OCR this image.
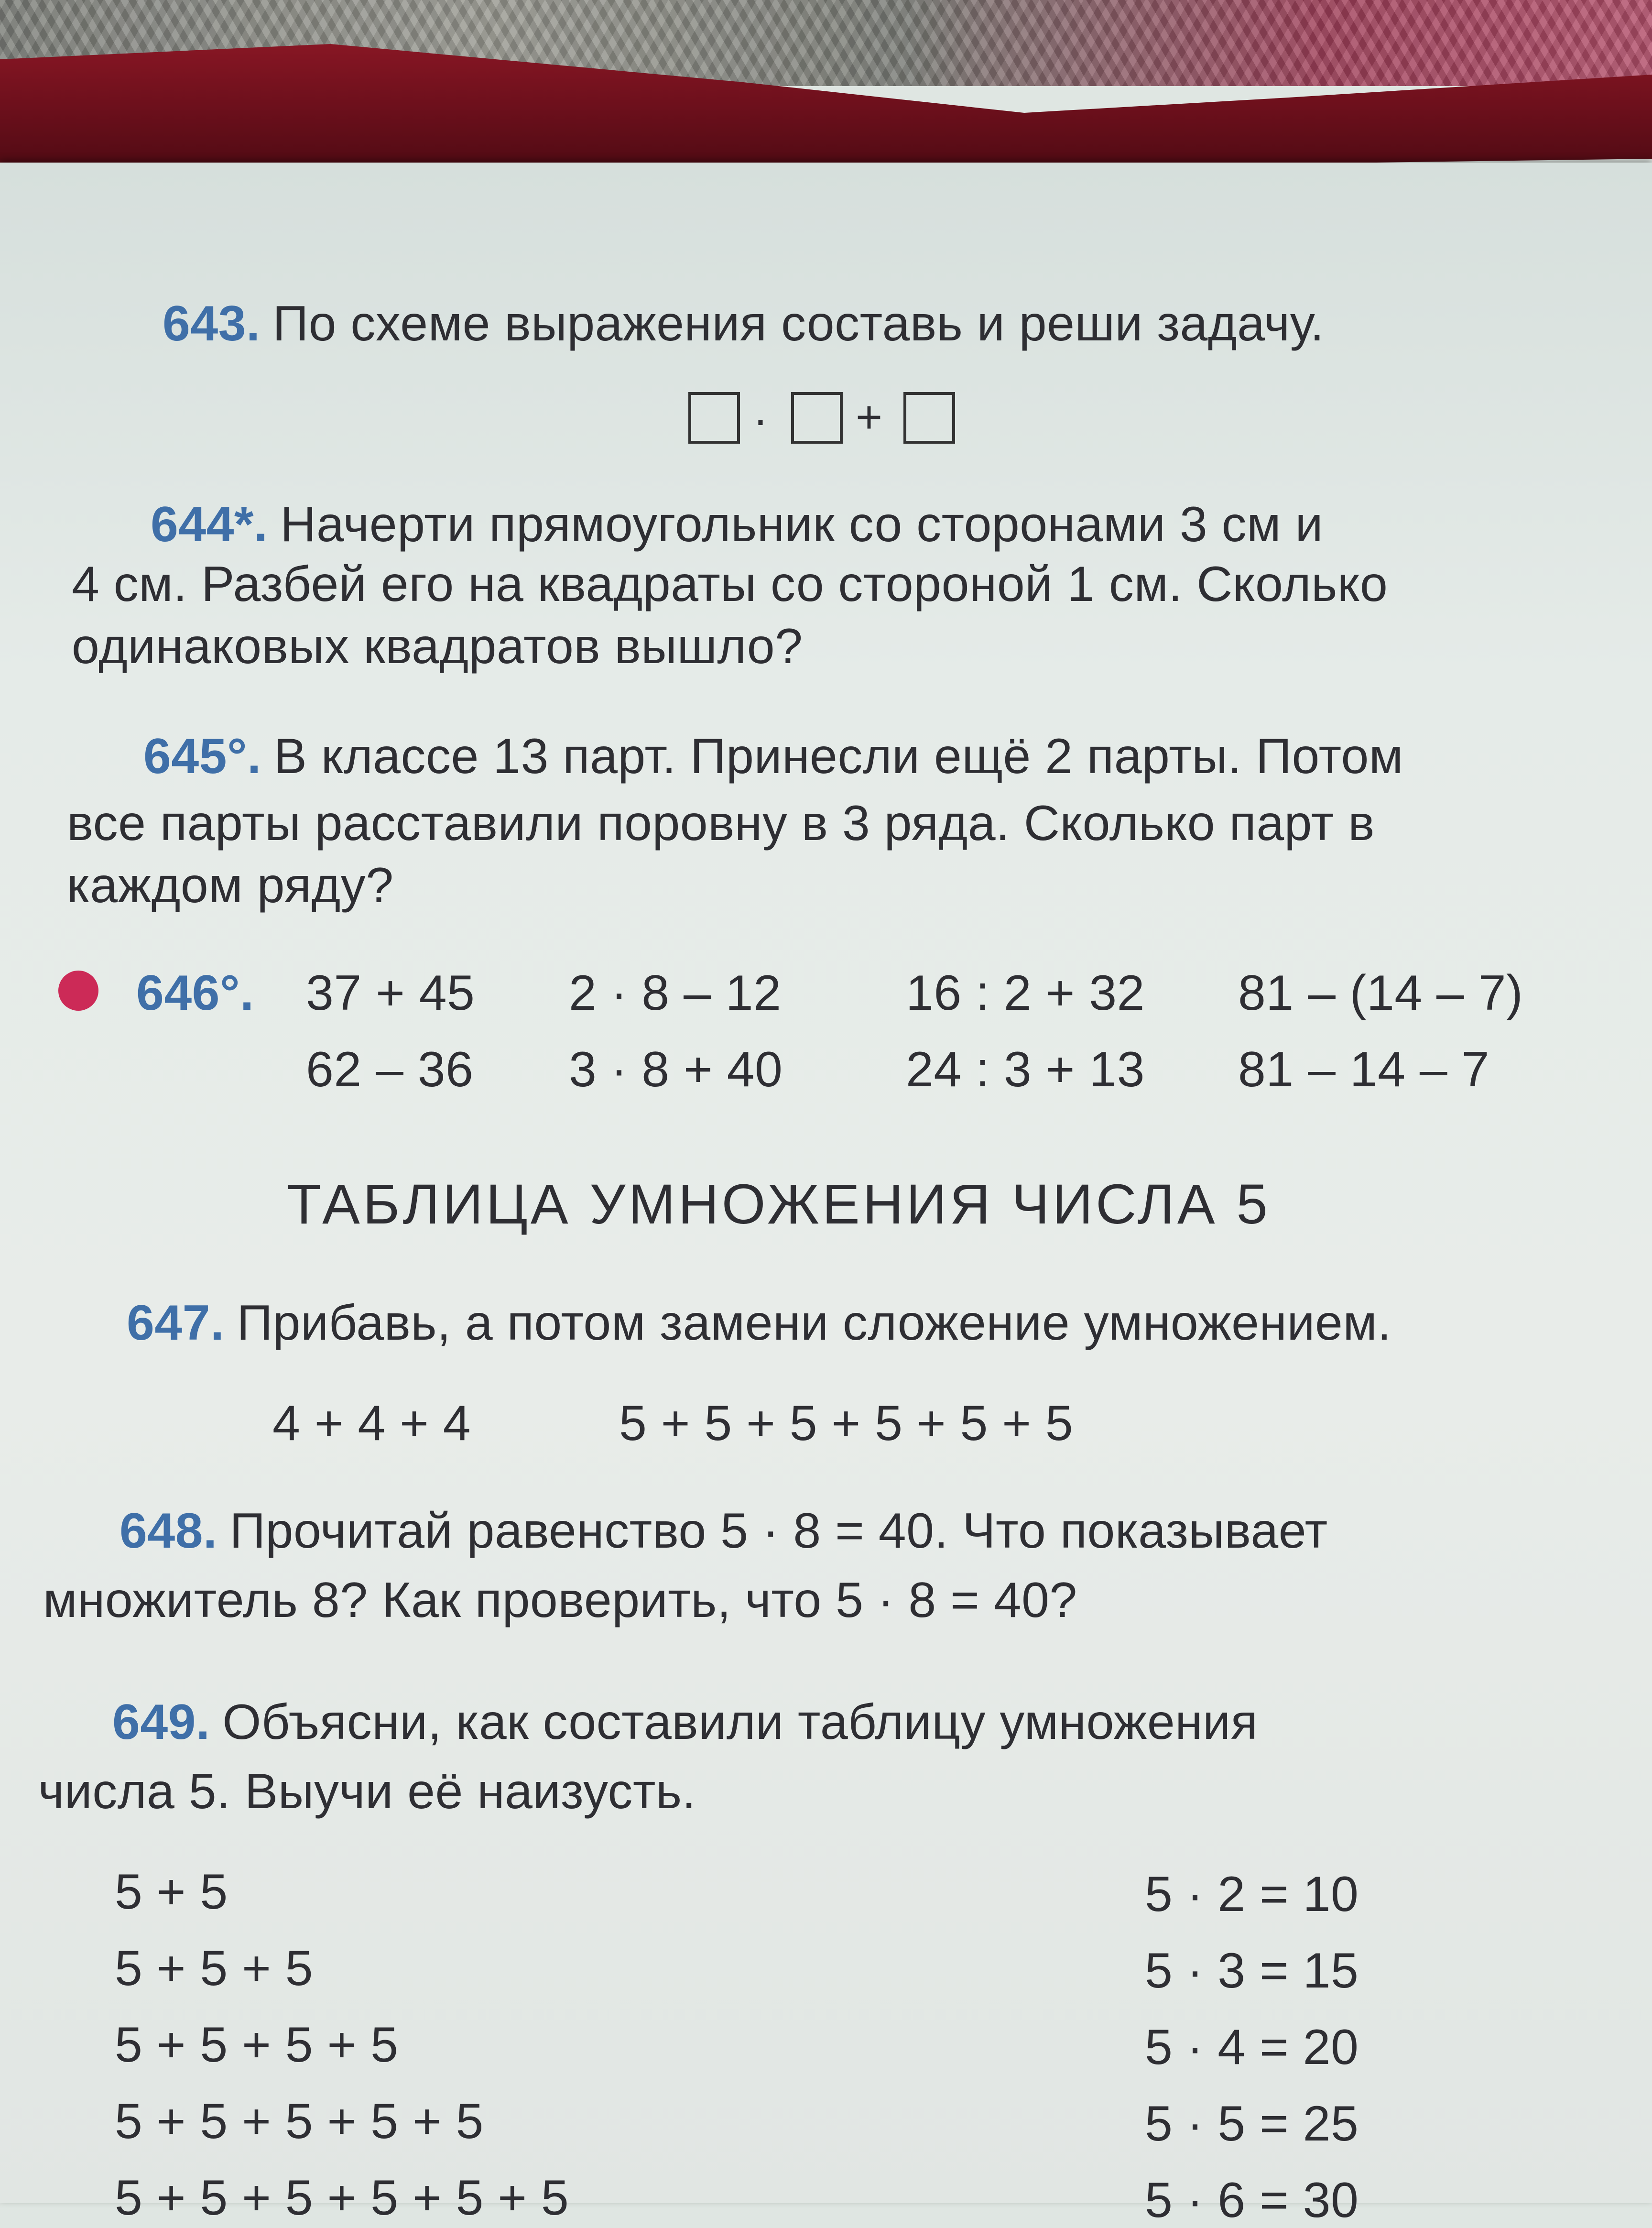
643. По схеме выражения составь и реши задачу.
· +
644*. Начерти прямоугольник со сторонами 3 см и
4 см. Разбей его на квадраты со стороной 1 см. Сколько
одинаковых квадратов вышло?
645°. В классе 13 парт. Принесли ещё 2 парты. Потом
все парты расставили поровну в 3 ряда. Сколько парт в
каждом ряду?
646°. 37 + 45 2 · 8 – 12	16 : 2 + 32 81 – (14 – 7)
62 – 36 3 · 8 + 40 24 : 3 + 13 81 – 14 – 7
ТАБЛИЦА УМНОЖЕНИЯ ЧИСЛА 5
647. Прибавь, а потом замени сложение умножением.
4 + 4 + 4	5 + 5 + 5 + 5 + 5 + 5
648. Прочитай равенство 5 · 8 = 40. Что показывает
множитель 8? Как проверить, что 5 · 8 = 40?
649. Объясни, как составили таблицу умножения
числа 5. Выучи её наизусть.
5 + 5
5 + 5 + 5
5 + 5 + 5 + 5
5 + 5 + 5 + 5 + 5
5 + 5 + 5 + 5 + 5 + 5
5 · 2 = 10
5 · 3 = 15
5 · 4 = 20
5 · 5 = 25
5 · 6 = 30
